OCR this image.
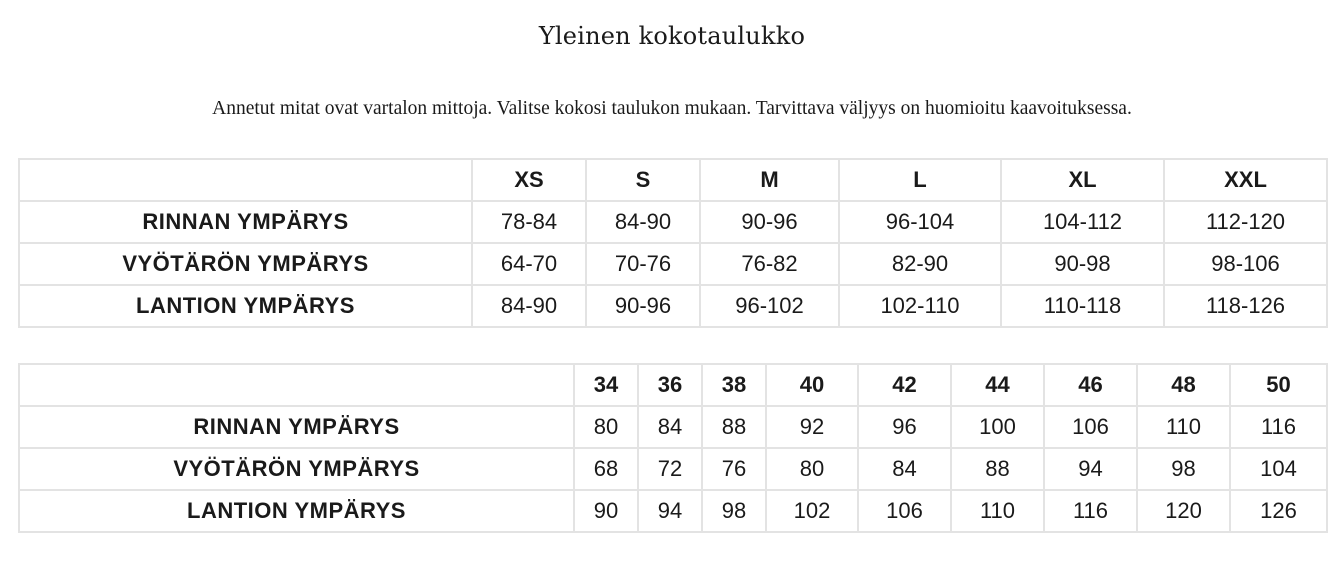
Yleinen kokotaulukko
Annetut mitat ovat vartalon mittoja. Valitse kokosi taulukon mukaan. Tarvittava väljyys on huomioitu kaavoituksessa.
	XS	S	M	L	XL	XXL
RINNAN YMPÄRYS	78-84	84-90	90-96	96-104	104-112	112-120
VYÖTÄRÖN YMPÄRYS	64-70	70-76	76-82	82-90	90-98	98-106
LANTION YMPÄRYS	84-90	90-96	96-102	102-110	110-118	118-126
	34	36	38	40	42	44	46	48	50
RINNAN YMPÄRYS	80	84	88	92	96	100	106	110	116
VYÖTÄRÖN YMPÄRYS	68	72	76	80	84	88	94	98	104
LANTION YMPÄRYS	90	94	98	102	106	110	116	120	126
